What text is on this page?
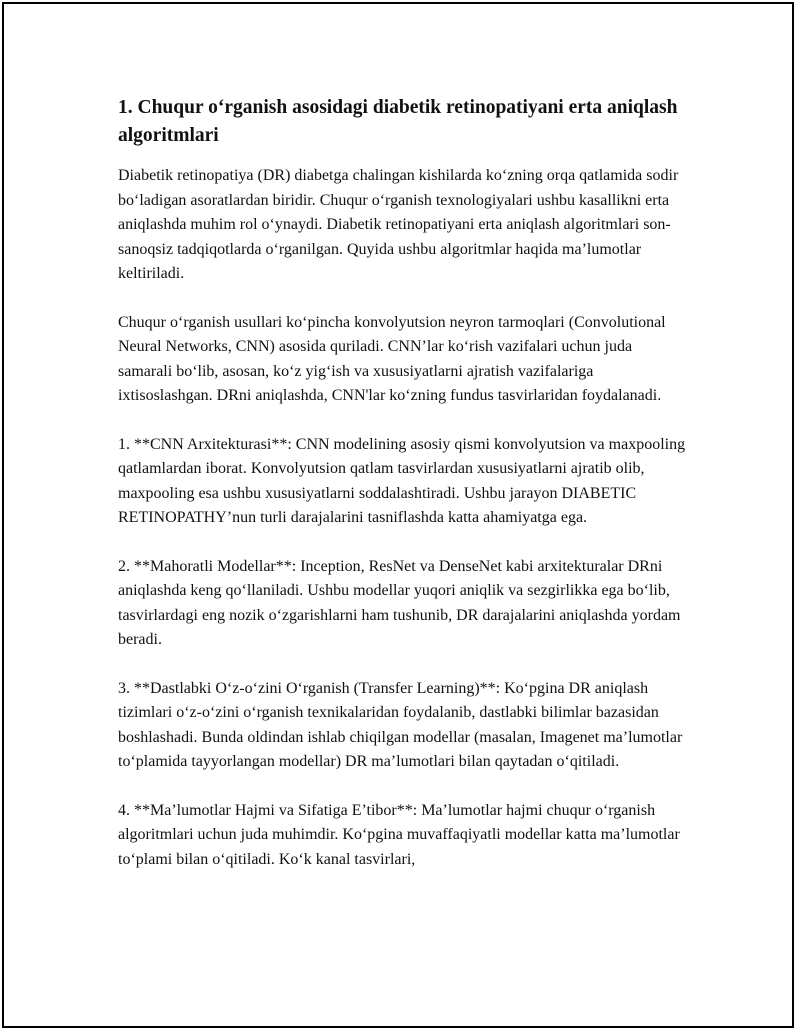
1. Chuqur o‘rganish asosidagi diabetik retinopatiyani erta aniqlash algoritmlari

Diabetik retinopatiya (DR) diabetga chalingan kishilarda ko‘zning orqa qatlamida sodir bo‘ladigan asoratlardan biridir. Chuqur o‘rganish texnologiyalari ushbu kasallikni erta aniqlashda muhim rol o‘ynaydi. Diabetik retinopatiyani erta aniqlash algoritmlari son-sanoqsiz tadqiqotlarda o‘rganilgan. Quyida ushbu algoritmlar haqida ma’lumotlar keltiriladi.

Chuqur o‘rganish usullari ko‘pincha konvolyutsion neyron tarmoqlari (Convolutional Neural Networks, CNN) asosida quriladi. CNN’lar ko‘rish vazifalari uchun juda samarali bo‘lib, asosan, ko‘z yig‘ish va xususiyatlarni ajratish vazifalariga ixtisoslashgan. DRni aniqlashda, CNN'lar ko‘zning fundus tasvirlaridan foydalanadi.

1. **CNN Arxitekturasi**: CNN modelining asosiy qismi konvolyutsion va maxpooling qatlamlardan iborat. Konvolyutsion qatlam tasvirlardan xususiyatlarni ajratib olib, maxpooling esa ushbu xususiyatlarni soddalashtiradi. Ushbu jarayon DIABETIC RETINOPATHY’nun turli darajalarini tasniflashda katta ahamiyatga ega.

2. **Mahoratli Modellar**: Inception, ResNet va DenseNet kabi arxitekturalar DRni aniqlashda keng qo‘llaniladi. Ushbu modellar yuqori aniqlik va sezgirlikka ega bo‘lib, tasvirlardagi eng nozik o‘zgarishlarni ham tushunib, DR darajalarini aniqlashda yordam beradi.

3. **Dastlabki O‘z-o‘zini O‘rganish (Transfer Learning)**: Ko‘pgina DR aniqlash tizimlari o‘z-o‘zini o‘rganish texnikalaridan foydalanib, dastlabki bilimlar bazasidan boshlashadi. Bunda oldindan ishlab chiqilgan modellar (masalan, Imagenet ma’lumotlar to‘plamida tayyorlangan modellar) DR ma’lumotlari bilan qaytadan o‘qitiladi.

4. **Ma’lumotlar Hajmi va Sifatiga E’tibor**: Ma’lumotlar hajmi chuqur o‘rganish algoritmlari uchun juda muhimdir. Ko‘pgina muvaffaqiyatli modellar katta ma’lumotlar to‘plami bilan o‘qitiladi. Ko‘k kanal tasvirlari,
